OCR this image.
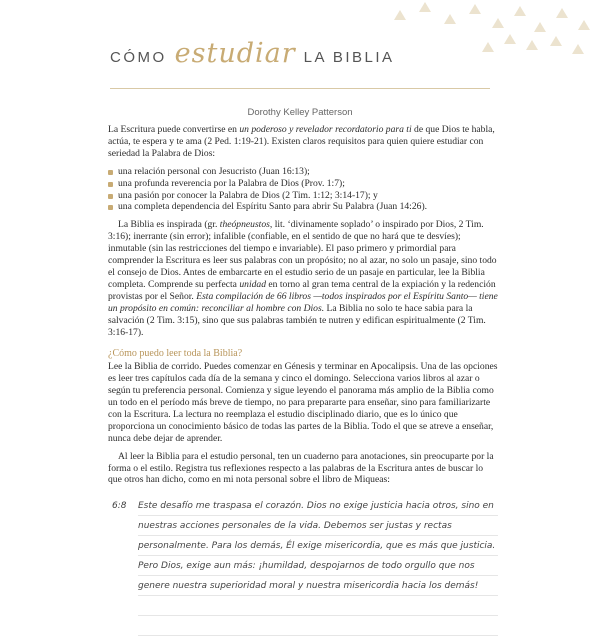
CÓMO estudiar LA BIBLIA
Dorothy Kelley Patterson

La Escritura puede convertirse en un poderoso y revelador recordatorio para ti de que Dios te habla, actúa, te espera y te ama (2 Ped. 1:19-21). Existen claros requisitos para quien quiere estudiar con seriedad la Palabra de Dios:

una relación personal con Jesucristo (Juan 16:13);
una profunda reverencia por la Palabra de Dios (Prov. 1:7);
una pasión por conocer la Palabra de Dios (2 Tim. 1:12; 3:14-17); y
una completa dependencia del Espíritu Santo para abrir Su Palabra (Juan 14:26).

La Biblia es inspirada (gr. theópneustos, lit. ‘divinamente soplado’ o inspirado por Dios, 2 Tim. 3:16); inerrante (sin error); infalible (confiable, en el sentido de que no hará que te desvíes); inmutable (sin las restricciones del tiempo e invariable). El paso primero y primordial para comprender la Escritura es leer sus palabras con un propósito; no al azar, no solo un pasaje, sino todo el consejo de Dios. Antes de embarcarte en el estudio serio de un pasaje en particular, lee la Biblia completa. Comprende su perfecta unidad en torno al gran tema central de la expiación y la redención provistas por el Señor. Esta compilación de 66 libros —todos inspirados por el Espíritu Santo— tiene un propósito en común: reconciliar al hombre con Dios. La Biblia no solo te hace sabia para la salvación (2 Tim. 3:15), sino que sus palabras también te nutren y edifican espiritualmente (2 Tim. 3:16-17).

¿Cómo puedo leer toda la Biblia?

Lee la Biblia de corrido. Puedes comenzar en Génesis y terminar en Apocalipsis. Una de las opciones es leer tres capítulos cada día de la semana y cinco el domingo. Selecciona varios libros al azar o según tu preferencia personal. Comienza y sigue leyendo el panorama más amplio de la Biblia como un todo en el período más breve de tiempo, no para prepararte para enseñar, sino para familiarizarte con la Escritura. La lectura no reemplaza el estudio disciplinado diario, que es lo único que proporciona un conocimiento básico de todas las partes de la Biblia. Todo el que se atreve a enseñar, nunca debe dejar de aprender.

Al leer la Biblia para el estudio personal, ten un cuaderno para anotaciones, sin preocuparte por la forma o el estilo. Registra tus reflexiones respecto a las palabras de la Escritura antes de buscar lo que otros han dicho, como en mi nota personal sobre el libro de Miqueas:

6:8 Este desafío me traspasa el corazón. Dios no exige justicia hacia otros, sino en nuestras acciones personales de la vida. Debemos ser justas y rectas personalmente. Para los demás, Él exige misericordia, que es más que justicia. Pero Dios, exige aun más: ¡humildad, despojarnos de todo orgullo que nos genere nuestra superioridad moral y nuestra misericordia hacia los demás!
